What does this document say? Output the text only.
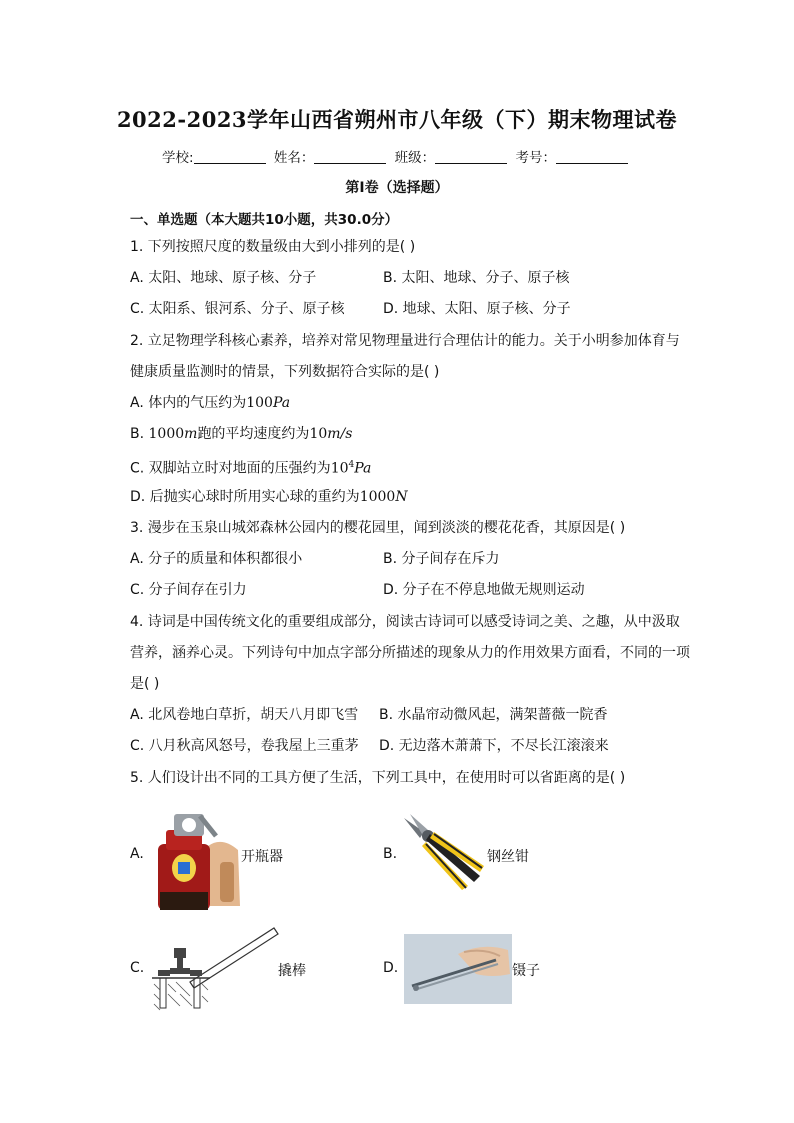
2022-2023学年山西省朔州市八年级（下）期末物理试卷
学校:	姓名：	班级：	考号：
第I卷（选择题）
一、单选题（本大题共10小题，共30.0分）
1. 下列按照尺度的数量级由大到小排列的是( )
A. 太阳、地球、原子核、分子	B. 太阳、地球、分子、原子核
C. 太阳系、银河系、分子、原子核	D. 地球、太阳、原子核、分子
2. 立足物理学科核心素养，培养对常见物理量进行合理估计的能力。关于小明参加体育与
健康质量监测时的情景，下列数据符合实际的是( )
A. 体内的气压约为100Pa
B. 1000m跑的平均速度约为10m/s
C. 双脚站立时对地面的压强约为$10^4Pa$
D. 后抛实心球时所用实心球的重约为1000N
3. 漫步在玉泉山城郊森林公园内的樱花园里，闻到淡淡的樱花花香，其原因是( )
A. 分子的质量和体积都很小	B. 分子间存在斥力
C. 分子间存在引力	D. 分子在不停息地做无规则运动
4. 诗词是中国传统文化的重要组成部分，阅读古诗词可以感受诗词之美、之趣，从中汲取
营养，涵养心灵。下列诗句中加点字部分所描述的现象从力的作用效果方面看，不同的一项
是( )
A. 北风卷地白草折，胡天八月即飞雪 B. 水晶帘动微风起，满架蔷薇一院香
C. 八月秋高风怒号，卷我屋上三重茅 D. 无边落木萧萧下，不尽长江滚滚来
5. 人们设计出不同的工具方便了生活，下列工具中，在使用时可以省距离的是( )
A.	开瓶器	B.	钢丝钳
C.	撬棒	D.	镊子
